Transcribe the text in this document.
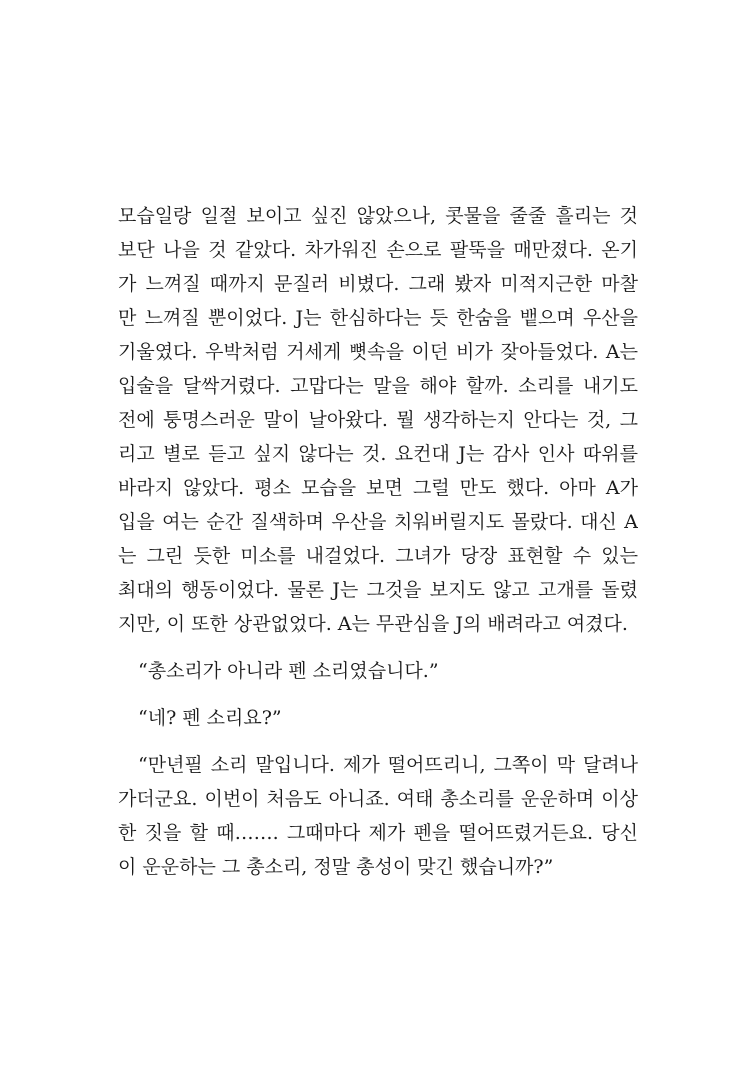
모습일랑 일절 보이고 싶진 않았으나, 콧물을 줄줄 흘리는 것
보단 나을 것 같았다. 차가워진 손으로 팔뚝을 매만졌다. 온기
가 느껴질 때까지 문질러 비볐다. 그래 봤자 미적지근한 마찰
만 느껴질 뿐이었다. J는 한심하다는 듯 한숨을 뱉으며 우산을
기울였다. 우박처럼 거세게 뼛속을 이던 비가 잦아들었다. A는
입술을 달싹거렸다. 고맙다는 말을 해야 할까. 소리를 내기도
전에 퉁명스러운 말이 날아왔다. 뭘 생각하는지 안다는 것, 그
리고 별로 듣고 싶지 않다는 것. 요컨대 J는 감사 인사 따위를
바라지 않았다. 평소 모습을 보면 그럴 만도 했다. 아마 A가
입을 여는 순간 질색하며 우산을 치워버릴지도 몰랐다. 대신 A
는 그린 듯한 미소를 내걸었다. 그녀가 당장 표현할 수 있는
최대의 행동이었다. 물론 J는 그것을 보지도 않고 고개를 돌렸
지만, 이 또한 상관없었다. A는 무관심을 J의 배려라고 여겼다.
“총소리가 아니라 펜 소리였습니다.”
“네? 펜 소리요?”
“만년필 소리 말입니다. 제가 떨어뜨리니, 그쪽이 막 달려나
가더군요. 이번이 처음도 아니죠. 여태 총소리를 운운하며 이상
한 짓을 할 때……. 그때마다 제가 펜을 떨어뜨렸거든요. 당신
이 운운하는 그 총소리, 정말 총성이 맞긴 했습니까?”
